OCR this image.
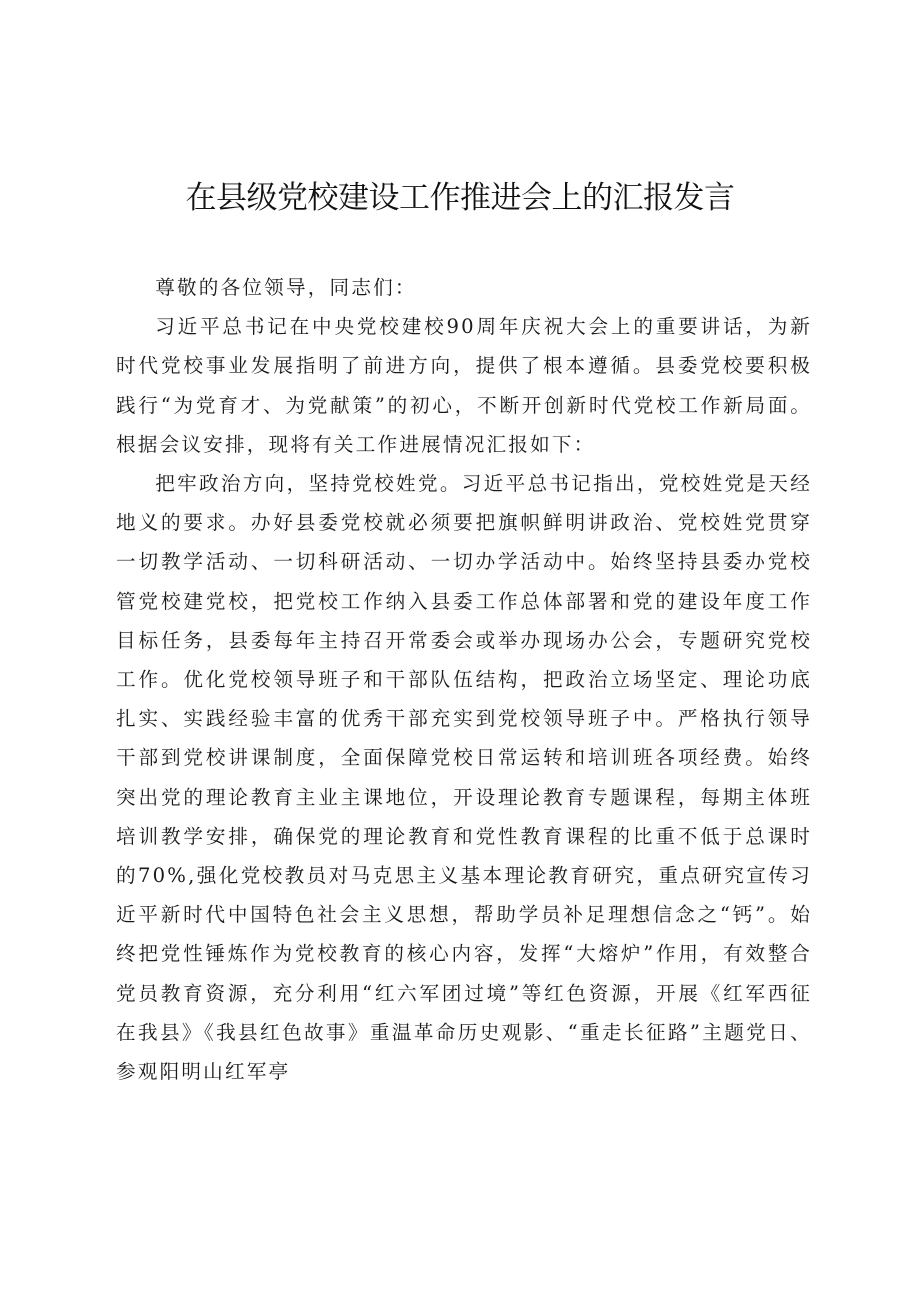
在县级党校建设工作推进会上的汇报发言

尊敬的各位领导，同志们：

习近平总书记在中央党校建校90周年庆祝大会上的重要讲话，为新时代党校事业发展指明了前进方向，提供了根本遵循。县委党校要积极践行“为党育才、为党献策”的初心，不断开创新时代党校工作新局面。根据会议安排，现将有关工作进展情况汇报如下：

把牢政治方向，坚持党校姓党。习近平总书记指出，党校姓党是天经地义的要求。办好县委党校就必须要把旗帜鲜明讲政治、党校姓党贯穿一切教学活动、一切科研活动、一切办学活动中。始终坚持县委办党校管党校建党校，把党校工作纳入县委工作总体部署和党的建设年度工作目标任务，县委每年主持召开常委会或举办现场办公会，专题研究党校工作。优化党校领导班子和干部队伍结构，把政治立场坚定、理论功底扎实、实践经验丰富的优秀干部充实到党校领导班子中。严格执行领导干部到党校讲课制度，全面保障党校日常运转和培训班各项经费。始终突出党的理论教育主业主课地位，开设理论教育专题课程，每期主体班培训教学安排，确保党的理论教育和党性教育课程的比重不低于总课时的70%,强化党校教员对马克思主义基本理论教育研究，重点研究宣传习近平新时代中国特色社会主义思想，帮助学员补足理想信念之“钙”。始终把党性锤炼作为党校教育的核心内容，发挥“大熔炉”作用，有效整合党员教育资源，充分利用“红六军团过境”等红色资源，开展《红军西征在我县》《我县红色故事》重温革命历史观影、“重走长征路”主题党日、参观阳明山红军亭
